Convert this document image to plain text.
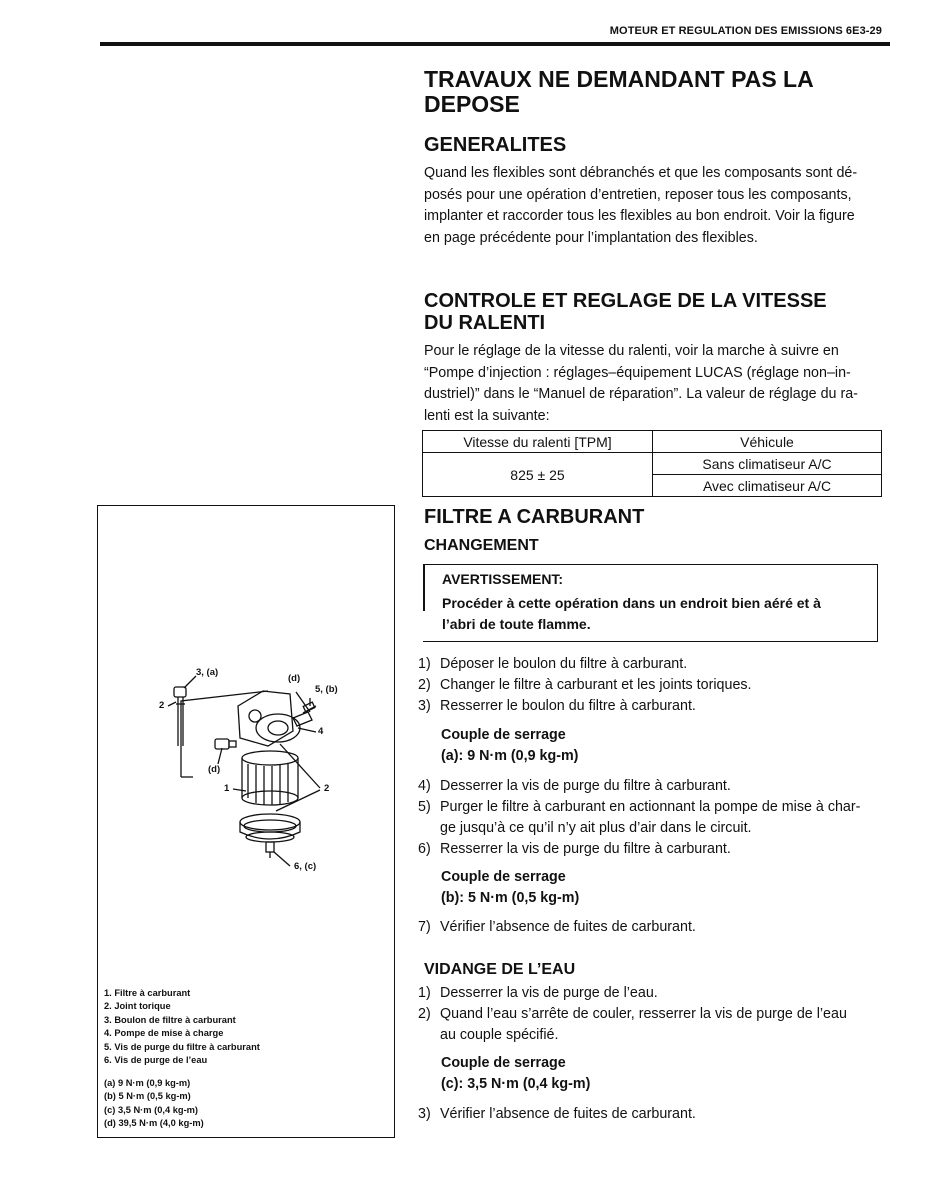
MOTEUR ET REGULATION DES EMISSIONS 6E3-29
TRAVAUX NE DEMANDANT PAS LA
DEPOSE
GENERALITES

Quand les flexibles sont débranchés et que les composants sont dé-

posés pour une opération d’entretien, reposer tous les composants,

implanter et raccorder tous les flexibles au bon endroit. Voir la figure

en page précédente pour l’implantation des flexibles.

CONTROLE ET REGLAGE DE LA VITESSE
DU RALENTI

Pour le réglage de la vitesse du ralenti, voir la marche à suivre en

“Pompe d’injection : réglages–équipement LUCAS (réglage non–in-

dustriel)” dans le “Manuel de réparation”. La valeur de réglage du ra-

lenti est la suivante:

Vitesse du ralenti [TPM]	Véhicule
825 ± 25	Sans climatiseur A/C
	Avec climatiseur A/C
FILTRE A CARBURANT
CHANGEMENT
AVERTISSEMENT:
Procéder à cette opération dans un endroit bien aéré et à
l’abri de toute flamme.
1) Déposer le boulon du filtre à carburant.
2) Changer le filtre à carburant et les joints toriques.
3) Resserrer le boulon du filtre à carburant.
Couple de serrage
(a): 9 N·m (0,9 kg-m)
4) Desserrer la vis de purge du filtre à carburant.
5) Purger le filtre à carburant en actionnant la pompe de mise à char-
ge jusqu’à ce qu’il n’y ait plus d’air dans le circuit.
6) Resserrer la vis de purge du filtre à carburant.
Couple de serrage
(b): 5 N·m (0,5 kg-m)
7) Vérifier l’absence de fuites de carburant.
VIDANGE DE L’EAU
1) Desserrer la vis de purge de l’eau.
2) Quand l’eau s’arrête de couler, resserrer la vis de purge de l’eau
au couple spécifié.
Couple de serrage
(c): 3,5 N·m (0,4 kg-m)
3) Vérifier l’absence de fuites de carburant.
3, (a)
2
(d)
5, (b)
4
(d)
1	2
6, (c)
1. Filtre à carburant
2. Joint torique
3. Boulon de filtre à carburant
4. Pompe de mise à charge
5. Vis de purge du filtre à carburant
6. Vis de purge de l’eau
(a) 9 N·m (0,9 kg-m)
(b) 5 N·m (0,5 kg-m)
(c) 3,5 N·m (0,4 kg-m)
(d) 39,5 N·m (4,0 kg-m)
